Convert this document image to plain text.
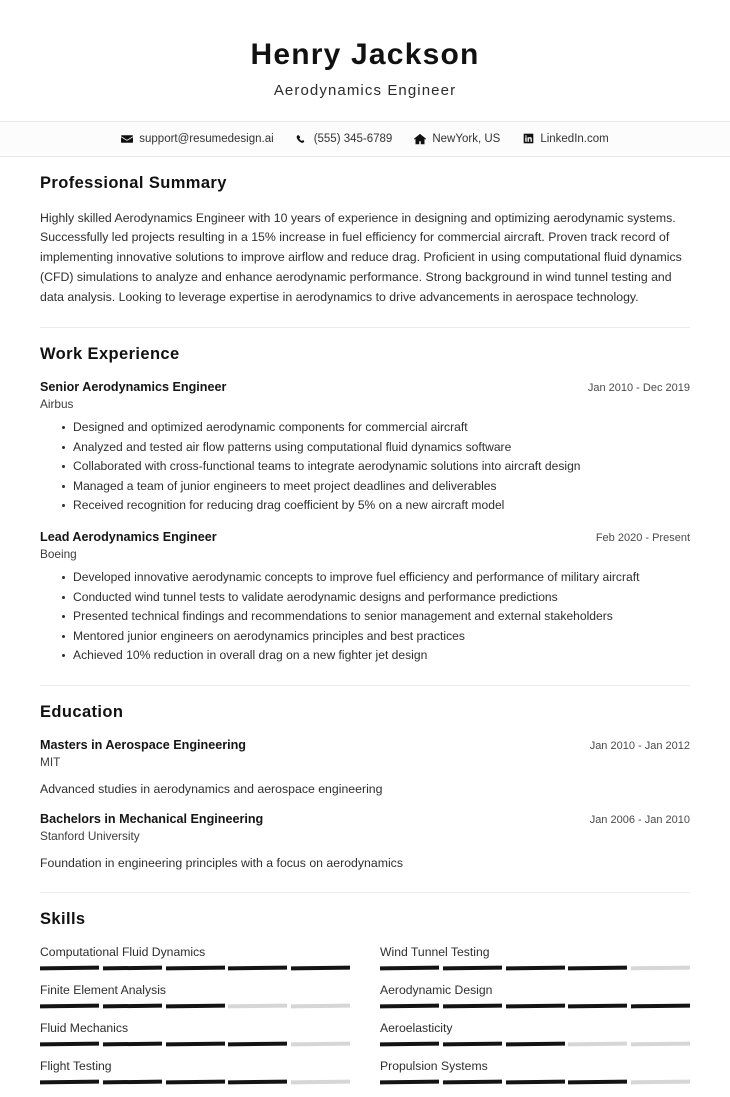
Henry Jackson
Aerodynamics Engineer
support@resumedesign.ai	(555) 345-6789	NewYork, US	LinkedIn.com
Professional Summary
Highly skilled Aerodynamics Engineer with 10 years of experience in designing and optimizing aerodynamic systems. Successfully led projects resulting in a 15% increase in fuel efficiency for commercial aircraft. Proven track record of implementing innovative solutions to improve airflow and reduce drag. Proficient in using computational fluid dynamics (CFD) simulations to analyze and enhance aerodynamic performance. Strong background in wind tunnel testing and data analysis. Looking to leverage expertise in aerodynamics to drive advancements in aerospace technology.
Work Experience
Senior Aerodynamics Engineer	Jan 2010 - Dec 2019
Airbus
Designed and optimized aerodynamic components for commercial aircraft
Analyzed and tested air flow patterns using computational fluid dynamics software
Collaborated with cross-functional teams to integrate aerodynamic solutions into aircraft design
Managed a team of junior engineers to meet project deadlines and deliverables
Received recognition for reducing drag coefficient by 5% on a new aircraft model
Lead Aerodynamics Engineer	Feb 2020 - Present
Boeing
Developed innovative aerodynamic concepts to improve fuel efficiency and performance of military aircraft
Conducted wind tunnel tests to validate aerodynamic designs and performance predictions
Presented technical findings and recommendations to senior management and external stakeholders
Mentored junior engineers on aerodynamics principles and best practices
Achieved 10% reduction in overall drag on a new fighter jet design
Education
Masters in Aerospace Engineering	Jan 2010 - Jan 2012
MIT
Advanced studies in aerodynamics and aerospace engineering
Bachelors in Mechanical Engineering	Jan 2006 - Jan 2010
Stanford University
Foundation in engineering principles with a focus on aerodynamics
Skills
Computational Fluid Dynamics	Wind Tunnel Testing
Finite Element Analysis	Aerodynamic Design
Fluid Mechanics	Aeroelasticity
Flight Testing	Propulsion Systems
